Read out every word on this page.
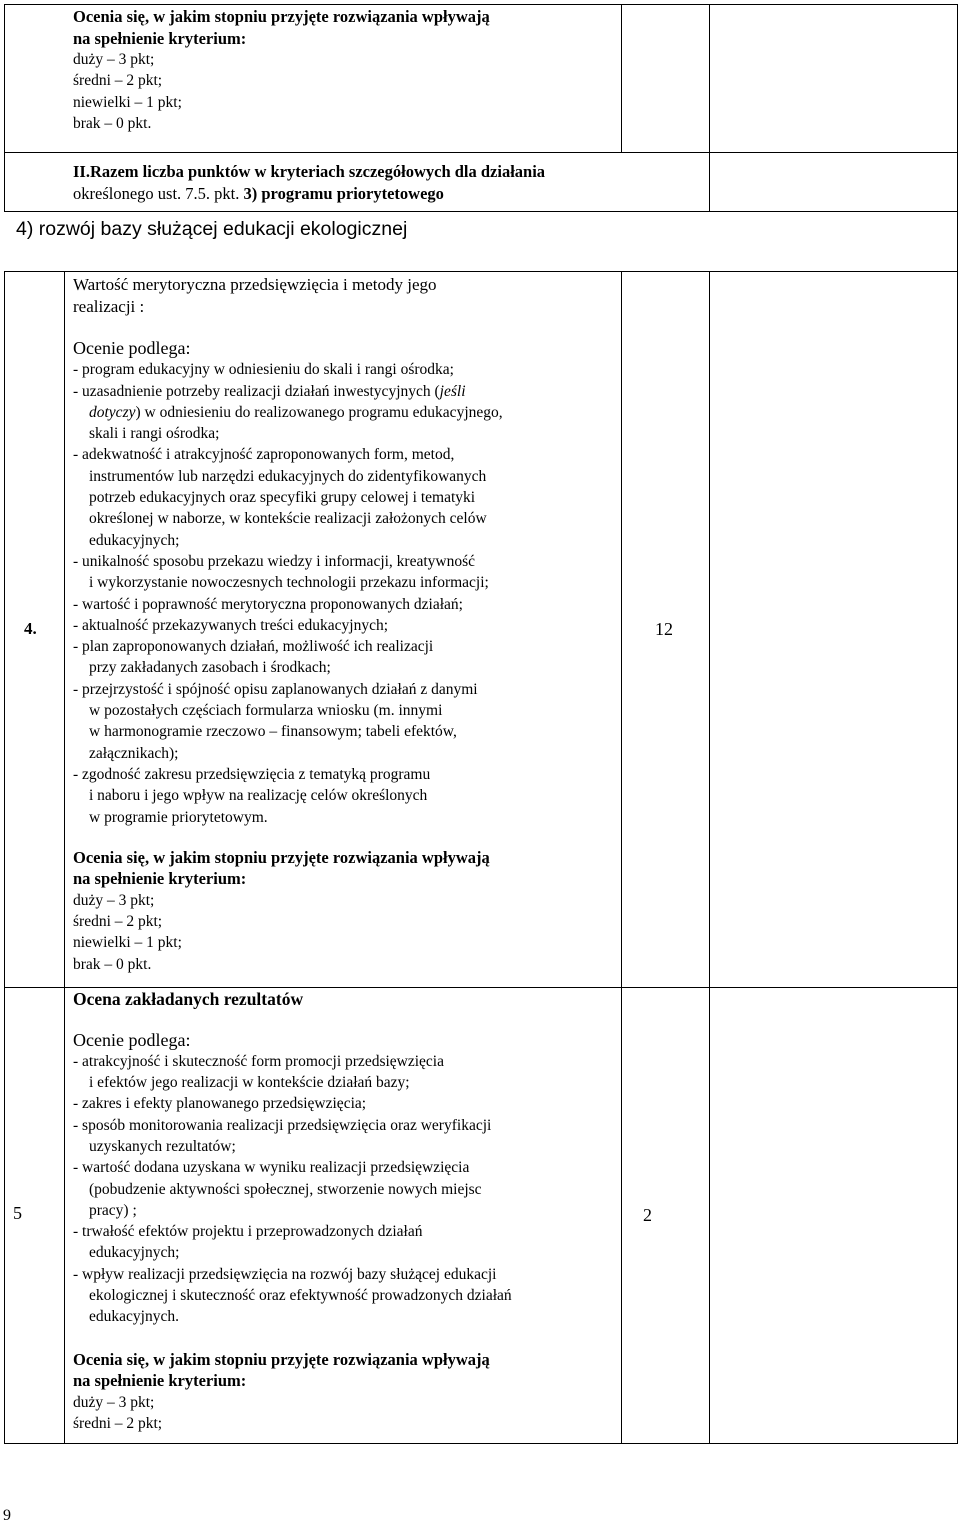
Ocenia się, w jakim stopniu przyjęte rozwiązania wpływają
na spełnienie kryterium:
duży – 3 pkt;
średni – 2 pkt;
niewielki – 1 pkt;
brak – 0 pkt.
II.Razem liczba punktów w kryteriach szczegółowych dla działania
określonego ust. 7.5. pkt. 3) programu priorytetowego
4) rozwój bazy służącej edukacji ekologicznej
4.	12
Wartość merytoryczna przedsięwzięcia i metody jego
realizacji :
Ocenie podlega:
- program edukacyjny w odniesieniu do skali i rangi ośrodka;
- uzasadnienie potrzeby realizacji działań inwestycyjnych (jeśli
dotyczy) w odniesieniu do realizowanego programu edukacyjnego,
skali i rangi ośrodka;
- adekwatność i atrakcyjność zaproponowanych form, metod,
instrumentów lub narzędzi edukacyjnych do zidentyfikowanych
potrzeb edukacyjnych oraz specyfiki grupy celowej i tematyki
określonej w naborze, w kontekście realizacji założonych celów
edukacyjnych;
- unikalność sposobu przekazu wiedzy i informacji, kreatywność
i wykorzystanie nowoczesnych technologii przekazu informacji;
- wartość i poprawność merytoryczna proponowanych działań;
- aktualność przekazywanych treści edukacyjnych;
- plan zaproponowanych działań, możliwość ich realizacji
przy zakładanych zasobach i środkach;
- przejrzystość i spójność opisu zaplanowanych działań z danymi
w pozostałych częściach formularza wniosku (m. innymi
w harmonogramie rzeczowo – finansowym; tabeli efektów,
załącznikach);
- zgodność zakresu przedsięwzięcia z tematyką programu
i naboru i jego wpływ na realizację celów określonych
w programie priorytetowym.
Ocenia się, w jakim stopniu przyjęte rozwiązania wpływają
na spełnienie kryterium:
duży – 3 pkt;
średni – 2 pkt;
niewielki – 1 pkt;
brak – 0 pkt.
5	2
Ocena zakładanych rezultatów
Ocenie podlega:
- atrakcyjność i skuteczność form promocji przedsięwzięcia
i efektów jego realizacji w kontekście działań bazy;
- zakres i efekty planowanego przedsięwzięcia;
- sposób monitorowania realizacji przedsięwzięcia oraz weryfikacji
uzyskanych rezultatów;
- wartość dodana uzyskana w wyniku realizacji przedsięwzięcia
(pobudzenie aktywności społecznej, stworzenie nowych miejsc
pracy) ;
- trwałość efektów projektu i przeprowadzonych działań
edukacyjnych;
- wpływ realizacji przedsięwzięcia na rozwój bazy służącej edukacji
ekologicznej i skuteczność oraz efektywność prowadzonych działań
edukacyjnych.
Ocenia się, w jakim stopniu przyjęte rozwiązania wpływają
na spełnienie kryterium:
duży – 3 pkt;
średni – 2 pkt;
9
